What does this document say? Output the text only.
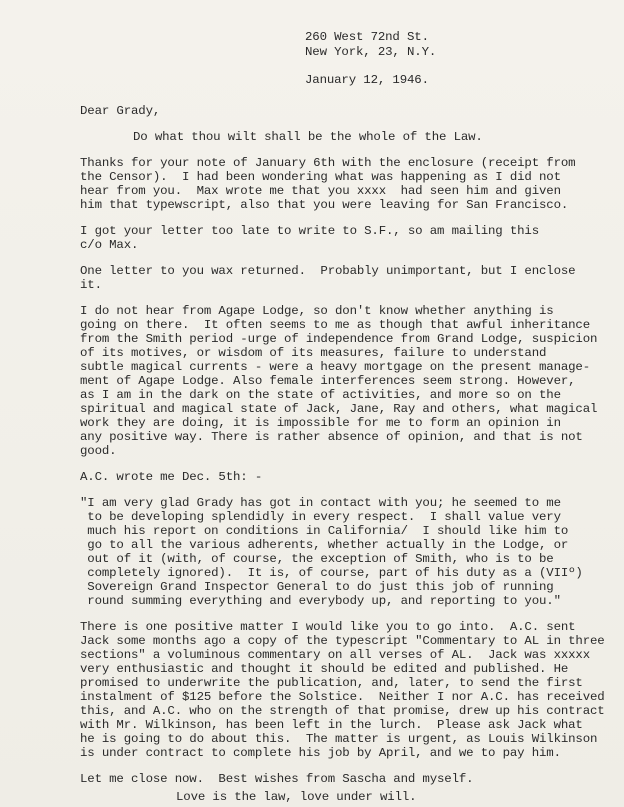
260 West 72nd St.
New York, 23, N.Y.
January 12, 1946.
Dear Grady,
Do what thou wilt shall be the whole of the Law.
Thanks for your note of January 6th with the enclosure (receipt from
the Censor).  I had been wondering what was happening as I did not
hear from you.  Max wrote me that you xxxx  had seen him and given
him that typewscript, also that you were leaving for San Francisco.
I got your letter too late to write to S.F., so am mailing this
c/o Max.
One letter to you wax returned.  Probably unimportant, but I enclose
it.
I do not hear from Agape Lodge, so don't know whether anything is
going on there.  It often seems to me as though that awful inheritance
from the Smith period -urge of independence from Grand Lodge, suspicion
of its motives, or wisdom of its measures, failure to understand
subtle magical currents - were a heavy mortgage on the present manage-
ment of Agape Lodge. Also female interferences seem strong. However,
as I am in the dark on the state of activities, and more so on the
spiritual and magical state of Jack, Jane, Ray and others, what magical
work they are doing, it is impossible for me to form an opinion in
any positive way. There is rather absence of opinion, and that is not
good.
A.C. wrote me Dec. 5th: -
"I am very glad Grady has got in contact with you; he seemed to me
to be developing splendidly in every respect.  I shall value very
much his report on conditions in California/  I should like him to
go to all the various adherents, whether actually in the Lodge, or
out of it (with, of course, the exception of Smith, who is to be
completely ignored).  It is, of course, part of his duty as a (VIIº)
Sovereign Grand Inspector General to do just this job of running
round summing everything and everybody up, and reporting to you."
There is one positive matter I would like you to go into.  A.C. sent
Jack some months ago a copy of the typescript "Commentary to AL in three
sections" a voluminous commentary on all verses of AL.  Jack was xxxxx
very enthusiastic and thought it should be edited and published. He
promised to underwrite the publication, and, later, to send the first
instalment of $125 before the Solstice.  Neither I nor A.C. has received
this, and A.C. who on the strength of that promise, drew up his contract
with Mr. Wilkinson, has been left in the lurch.  Please ask Jack what
he is going to do about this.  The matter is urgent, as Louis Wilkinson
is under contract to complete his job by April, and we to pay him.
Let me close now.  Best wishes from Sascha and myself.
Love is the law, love under will.
